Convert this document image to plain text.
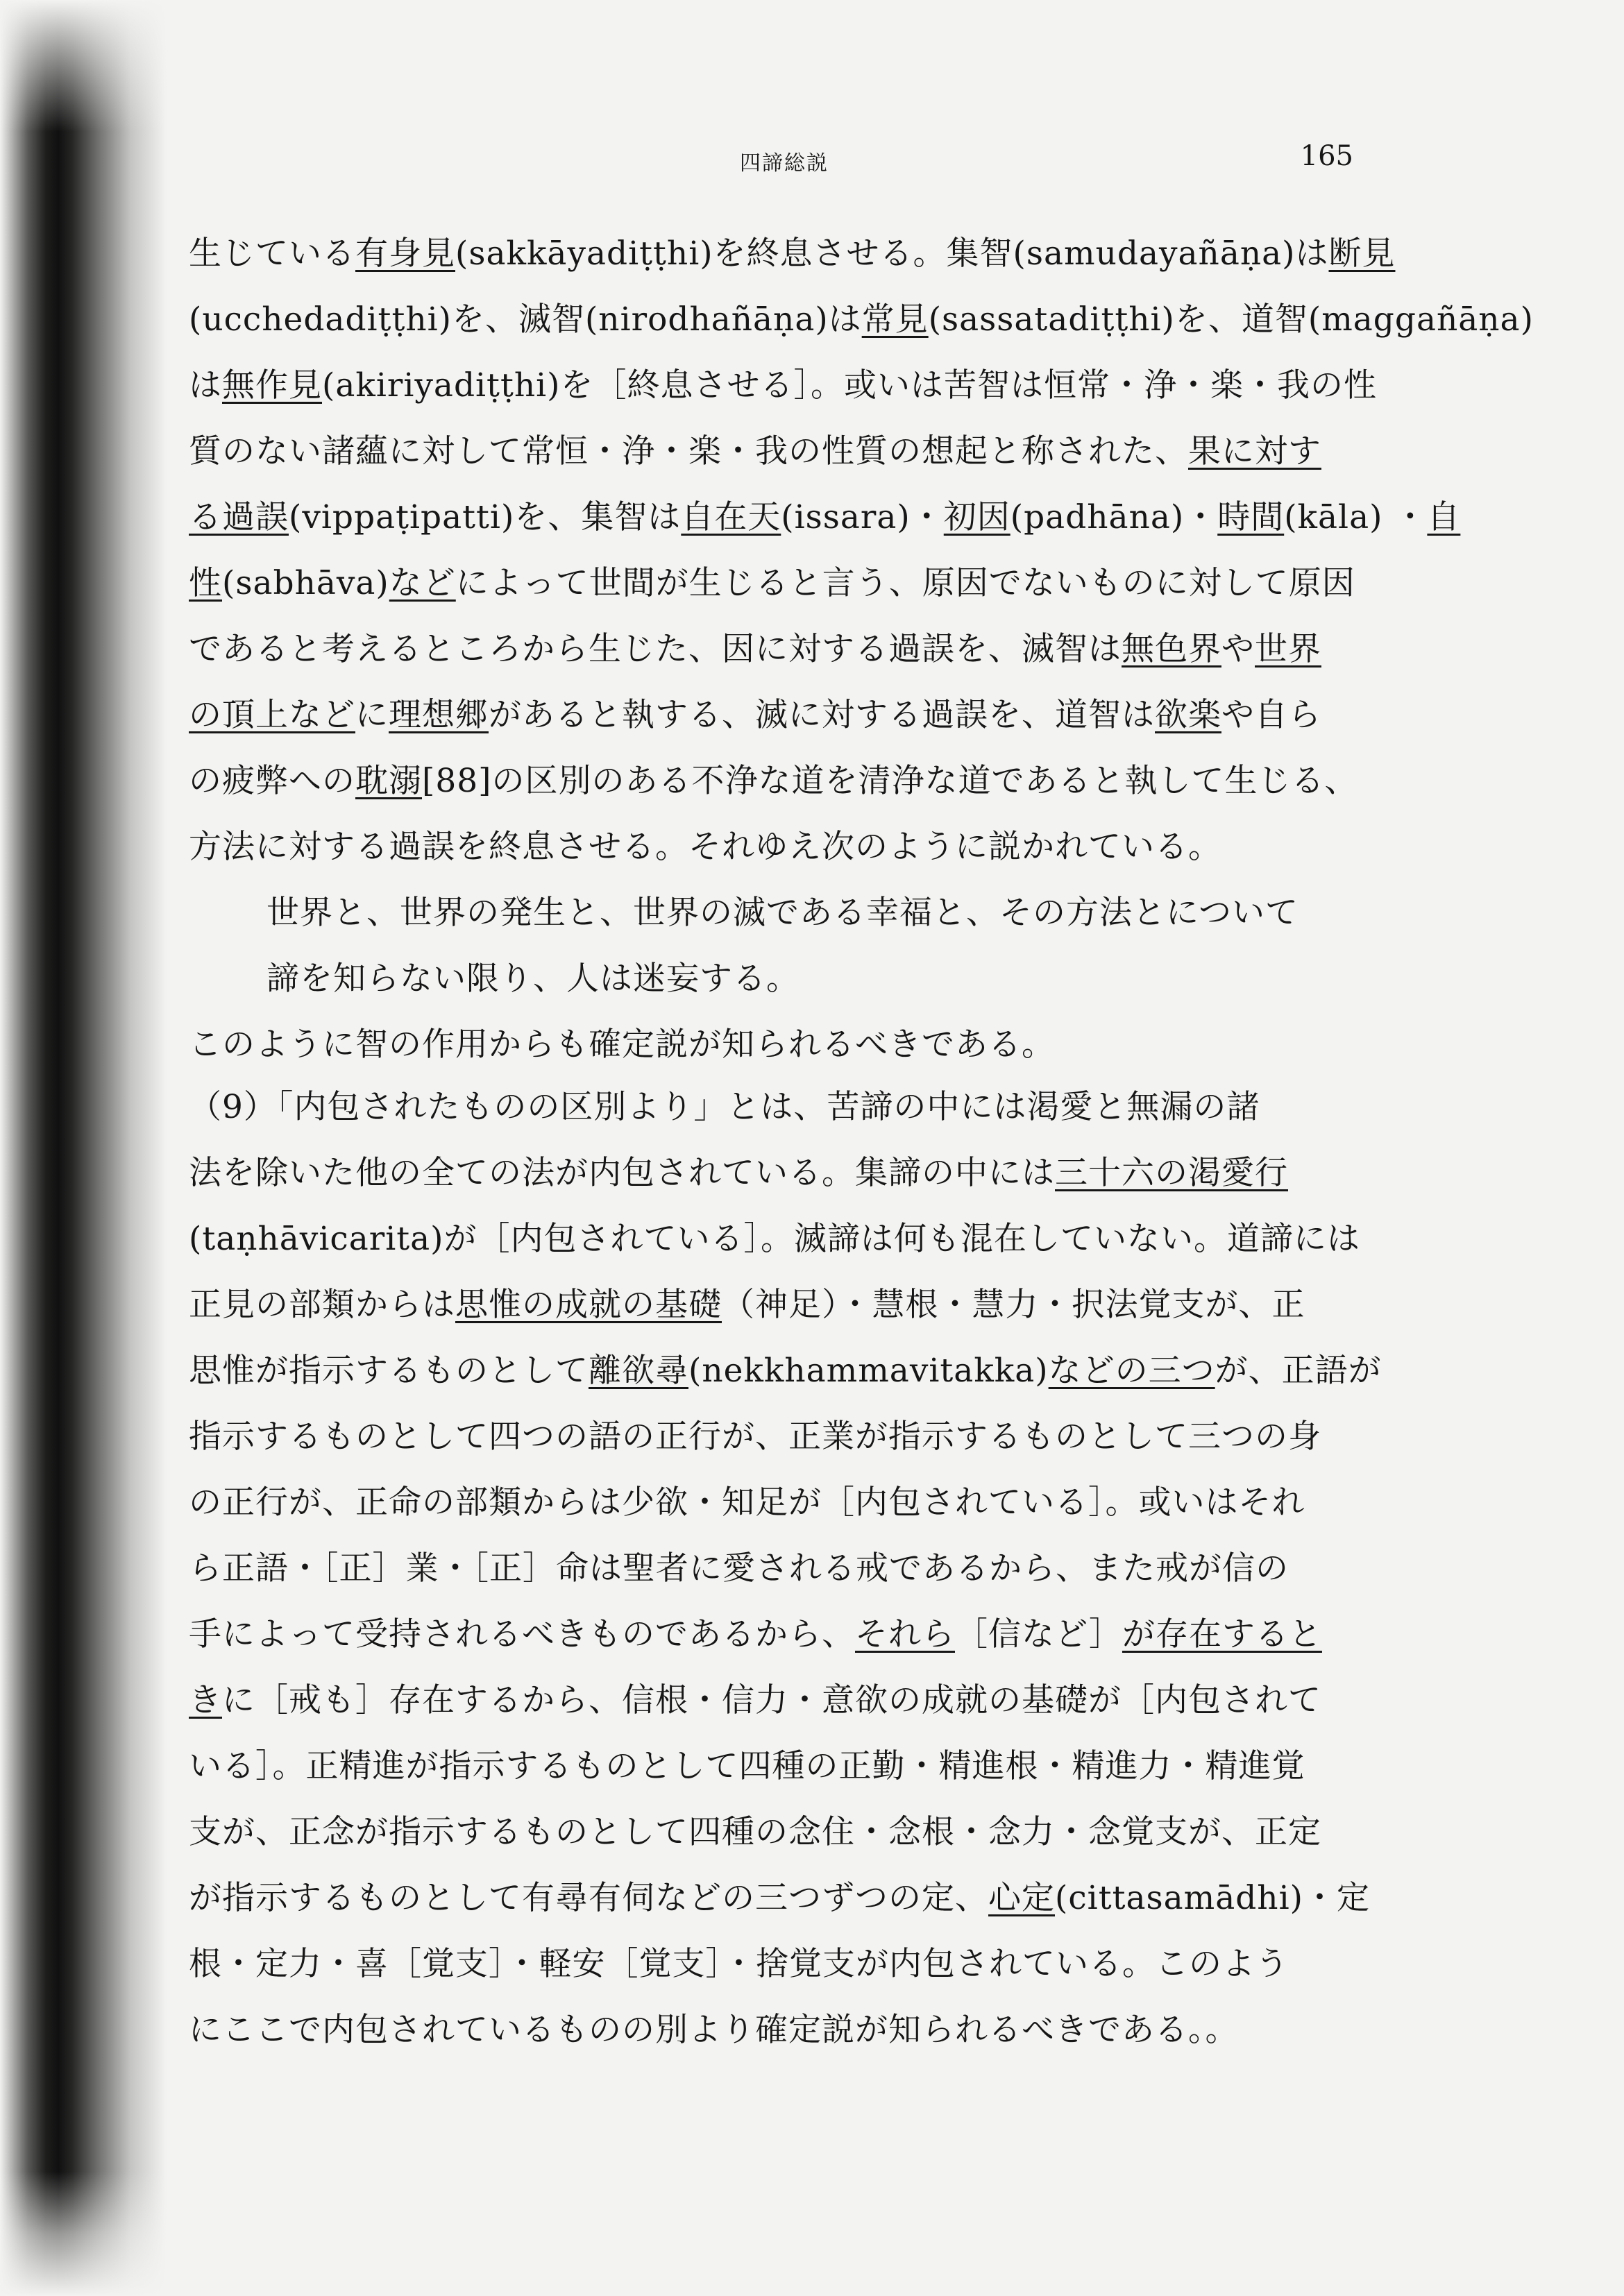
四諦総説	165
生じている有身見(sakkāyadiṭṭhi)を終息させる。集智(samudayañāṇa)は断見
(ucchedadiṭṭhi)を、滅智(nirodhañāṇa)は常見(sassatadiṭṭhi)を、道智(maggañāṇa)
は無作見(akiriyadiṭṭhi)を［終息させる］。或いは苦智は恒常・浄・楽・我の性
質のない諸蘊に対して常恒・浄・楽・我の性質の想起と称された、果に対す
る過誤(vippaṭipatti)を、集智は自在天(issara)・初因(padhāna)・時間(kāla) ・自
性(sabhāva)などによって世間が生じると言う、原因でないものに対して原因
であると考えるところから生じた、因に対する過誤を、滅智は無色界や世界
の頂上などに理想郷があると執する、滅に対する過誤を、道智は欲楽や自ら
の疲弊への耽溺[88]の区別のある不浄な道を清浄な道であると執して生じる、
方法に対する過誤を終息させる。それゆえ次のように説かれている。
世界と、世界の発生と、世界の滅である幸福と、その方法とについて
諦を知らない限り、人は迷妄する。
このように智の作用からも確定説が知られるべきである。
（9）「内包されたものの区別より」とは、苦諦の中には渇愛と無漏の諸
法を除いた他の全ての法が内包されている。集諦の中には三十六の渇愛行
(taṇhāvicarita)が［内包されている］。滅諦は何も混在していない。道諦には
正見の部類からは思惟の成就の基礎（神足）・慧根・慧力・択法覚支が、正
思惟が指示するものとして離欲尋(nekkhammavitakka)などの三つが、正語が
指示するものとして四つの語の正行が、正業が指示するものとして三つの身
の正行が、正命の部類からは少欲・知足が［内包されている］。或いはそれ
ら正語・［正］業・［正］命は聖者に愛される戒であるから、また戒が信の
手によって受持されるべきものであるから、それら［信など］が存在すると
きに［戒も］存在するから、信根・信力・意欲の成就の基礎が［内包されて
いる］。正精進が指示するものとして四種の正勤・精進根・精進力・精進覚
支が、正念が指示するものとして四種の念住・念根・念力・念覚支が、正定
が指示するものとして有尋有伺などの三つずつの定、心定(cittasamādhi)・定
根・定力・喜［覚支］・軽安［覚支］・捨覚支が内包されている。このよう
にここで内包されているものの別より確定説が知られるべきである。。
